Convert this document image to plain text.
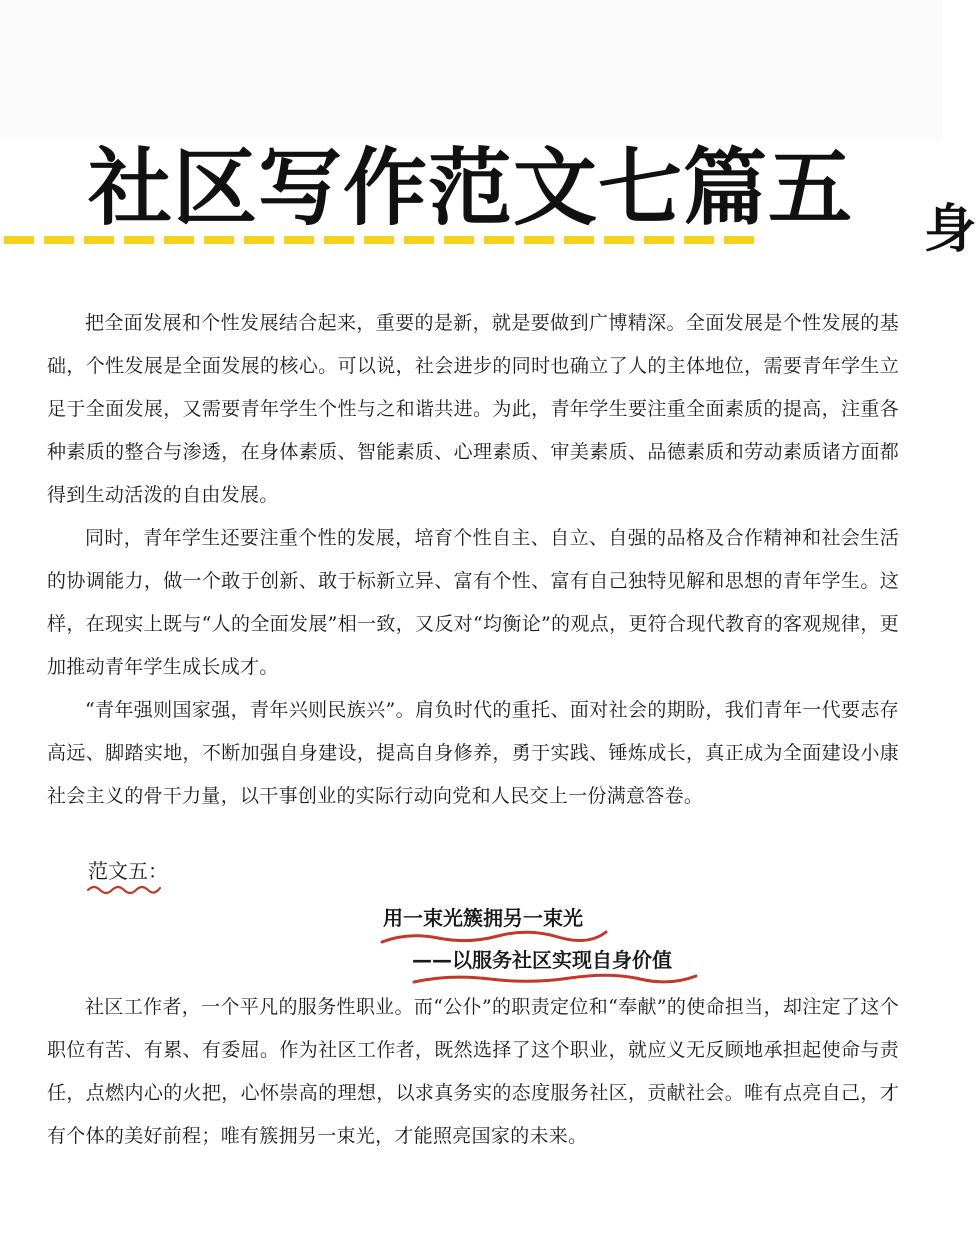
社区写作范文七篇五 身

把全面发展和个性发展结合起来，重要的是新，就是要做到广博精深。全面发展是个性发展的基础，个性发展是全面发展的核心。可以说，社会进步的同时也确立了人的主体地位，需要青年学生立足于全面发展，又需要青年学生个性与之和谐共进。为此，青年学生要注重全面素质的提高，注重各种素质的整合与渗透，在身体素质、智能素质、心理素质、审美素质、品德素质和劳动素质诸方面都得到生动活泼的自由发展。

同时，青年学生还要注重个性的发展，培育个性自主、自立、自强的品格及合作精神和社会生活的协调能力，做一个敢于创新、敢于标新立异、富有个性、富有自己独特见解和思想的青年学生。这样，在现实上既与“人的全面发展”相一致，又反对“均衡论”的观点，更符合现代教育的客观规律，更加推动青年学生成长成才。

“青年强则国家强，青年兴则民族兴”。肩负时代的重托、面对社会的期盼，我们青年一代要志存高远、脚踏实地，不断加强自身建设，提高自身修养，勇于实践、锤炼成长，真正成为全面建设小康社会主义的骨干力量，以干事创业的实际行动向党和人民交上一份满意答卷。

范文五：
用一束光簇拥另一束光
——以服务社区实现自身价值

社区工作者，一个平凡的服务性职业。而“公仆”的职责定位和“奉献”的使命担当，却注定了这个职位有苦、有累、有委屈。作为社区工作者，既然选择了这个职业，就应义无反顾地承担起使命与责任，点燃内心的火把，心怀崇高的理想，以求真务实的态度服务社区，贡献社会。唯有点亮自己，才有个体的美好前程；唯有簇拥另一束光，才能照亮国家的未来。
